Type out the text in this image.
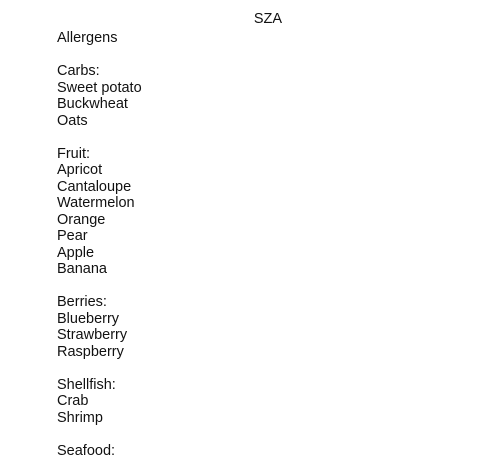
SZA
Allergens
Carbs:
Sweet potato
Buckwheat
Oats
Fruit:
Apricot
Cantaloupe
Watermelon
Orange
Pear
Apple
Banana
Berries:
Blueberry
Strawberry
Raspberry
Shellfish:
Crab
Shrimp
Seafood:
